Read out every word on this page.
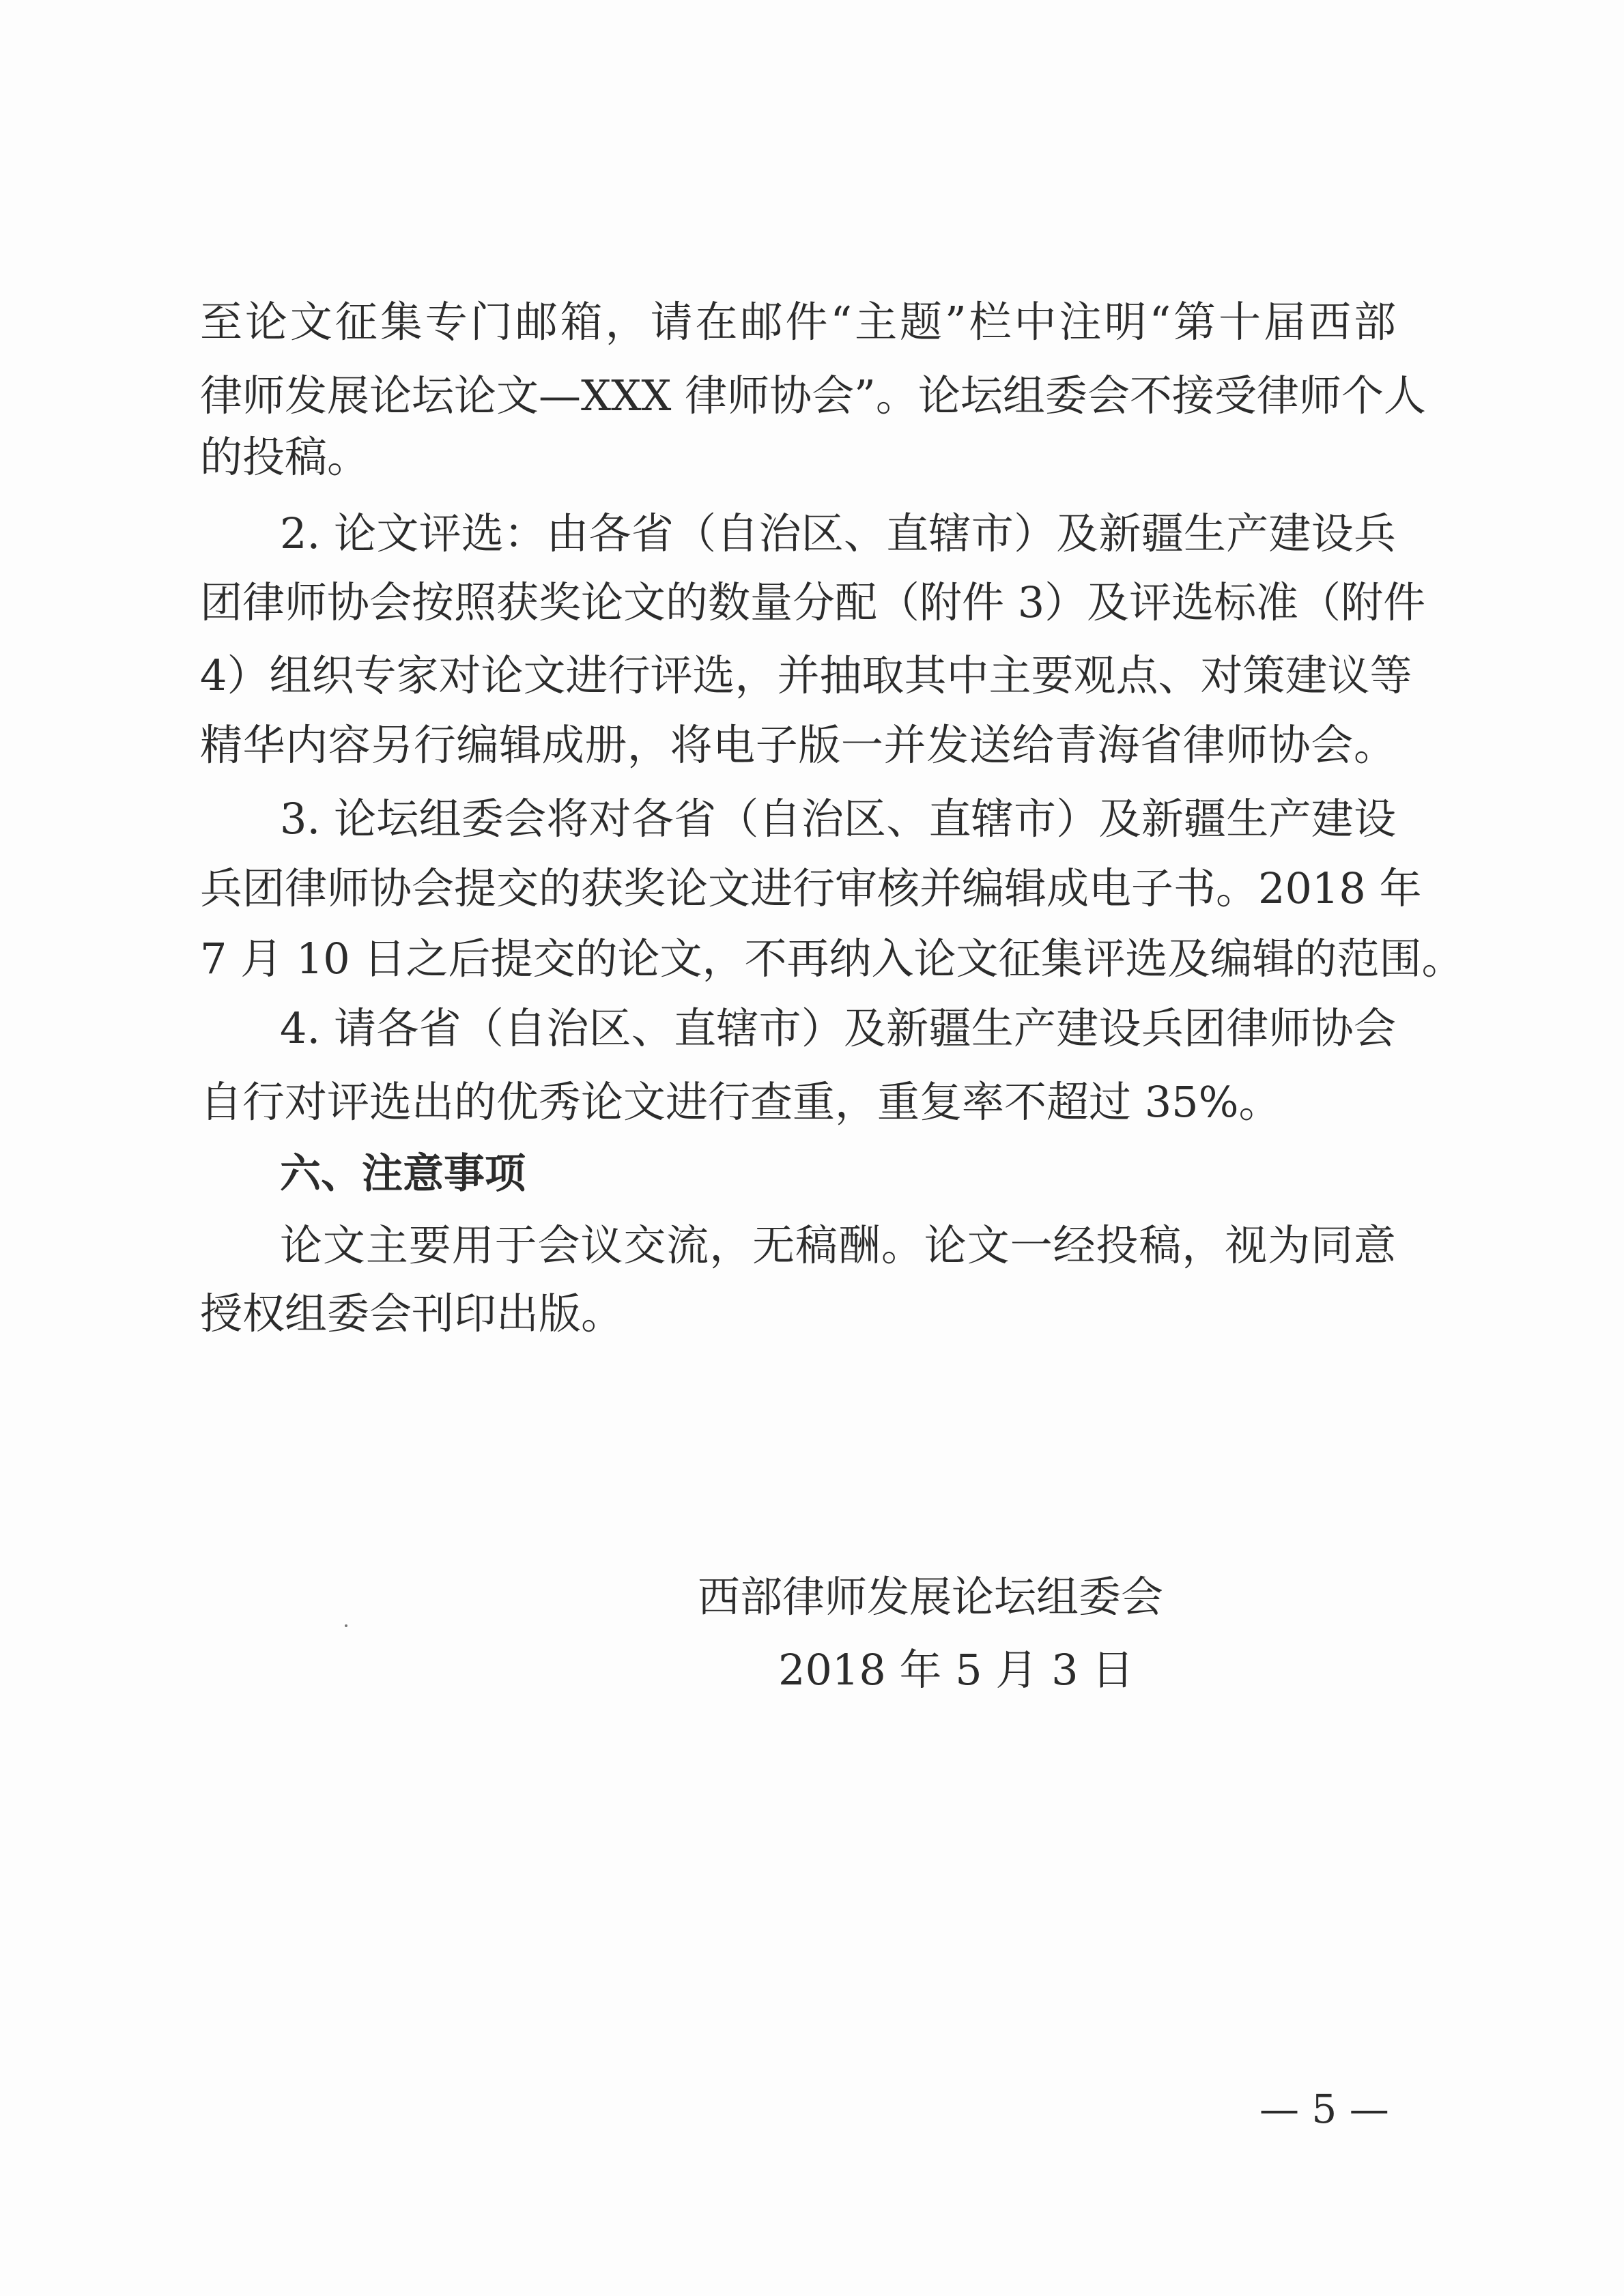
至论文征集专门邮箱，请在邮件“主题”栏中注明“第十届西部
律师发展论坛论文—XXX 律师协会”。论坛组委会不接受律师个人
的投稿。
2. 论文评选：由各省（自治区、直辖市）及新疆生产建设兵
团律师协会按照获奖论文的数量分配（附件 3）及评选标准（附件
4）组织专家对论文进行评选，并抽取其中主要观点、对策建议等
精华内容另行编辑成册，将电子版一并发送给青海省律师协会。
3. 论坛组委会将对各省（自治区、直辖市）及新疆生产建设
兵团律师协会提交的获奖论文进行审核并编辑成电子书。2018 年
7 月 10 日之后提交的论文，不再纳入论文征集评选及编辑的范围。
4. 请各省（自治区、直辖市）及新疆生产建设兵团律师协会
自行对评选出的优秀论文进行查重，重复率不超过 35%。
六、注意事项
论文主要用于会议交流，无稿酬。论文一经投稿，视为同意
授权组委会刊印出版。
西部律师发展论坛组委会
2018 年 5 月 3 日
— 5 —
